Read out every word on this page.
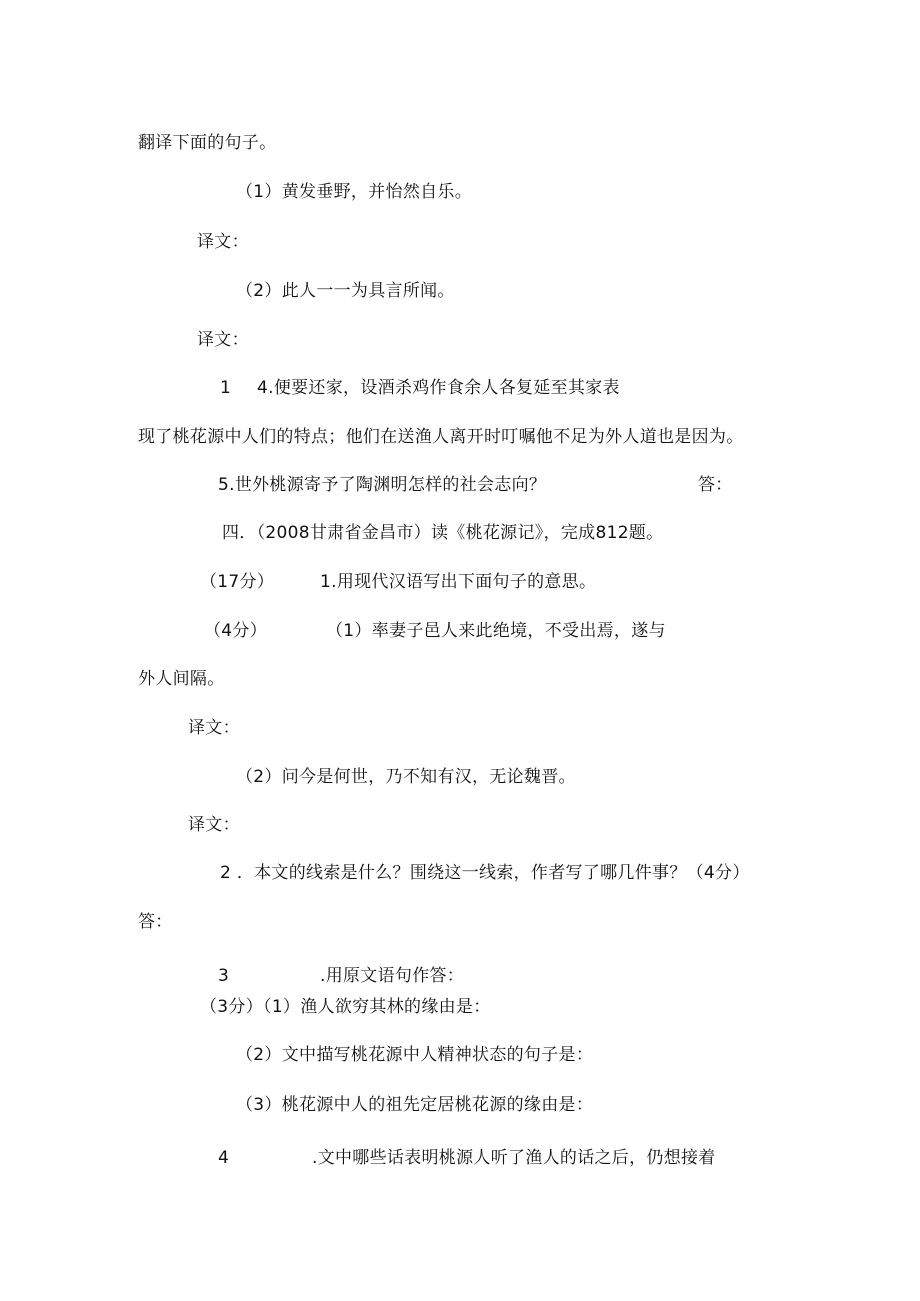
翻译下面的句子。
（1）黄发垂野，并怡然自乐。
译文：
（2）此人一一为具言所闻。
译文：
1 4.便要还家，设酒杀鸡作食余人各复延至其家表
现了桃花源中人们的特点；他们在送渔人离开时叮嘱他不足为外人道也是因为。
5.世外桃源寄予了陶渊明怎样的社会志向？	答：
四．（2008甘肃省金昌市）读《桃花源记》，完成812题。
（17分）	1.用现代汉语写出下面句子的意思。
（4分）	（1）率妻子邑人来此绝境，不受出焉，遂与
外人间隔。
译文：
（2）问今是何世，乃不知有汉，无论魏晋。
译文：
2 ．本文的线索是什么？围绕这一线索，作者写了哪几件事？（4分）
答：
3	.用原文语句作答：
（3分）（1）渔人欲穷其林的缘由是：
（2）文中描写桃花源中人精神状态的句子是：
（3）桃花源中人的祖先定居桃花源的缘由是：
4	.文中哪些话表明桃源人听了渔人的话之后，仍想接着
